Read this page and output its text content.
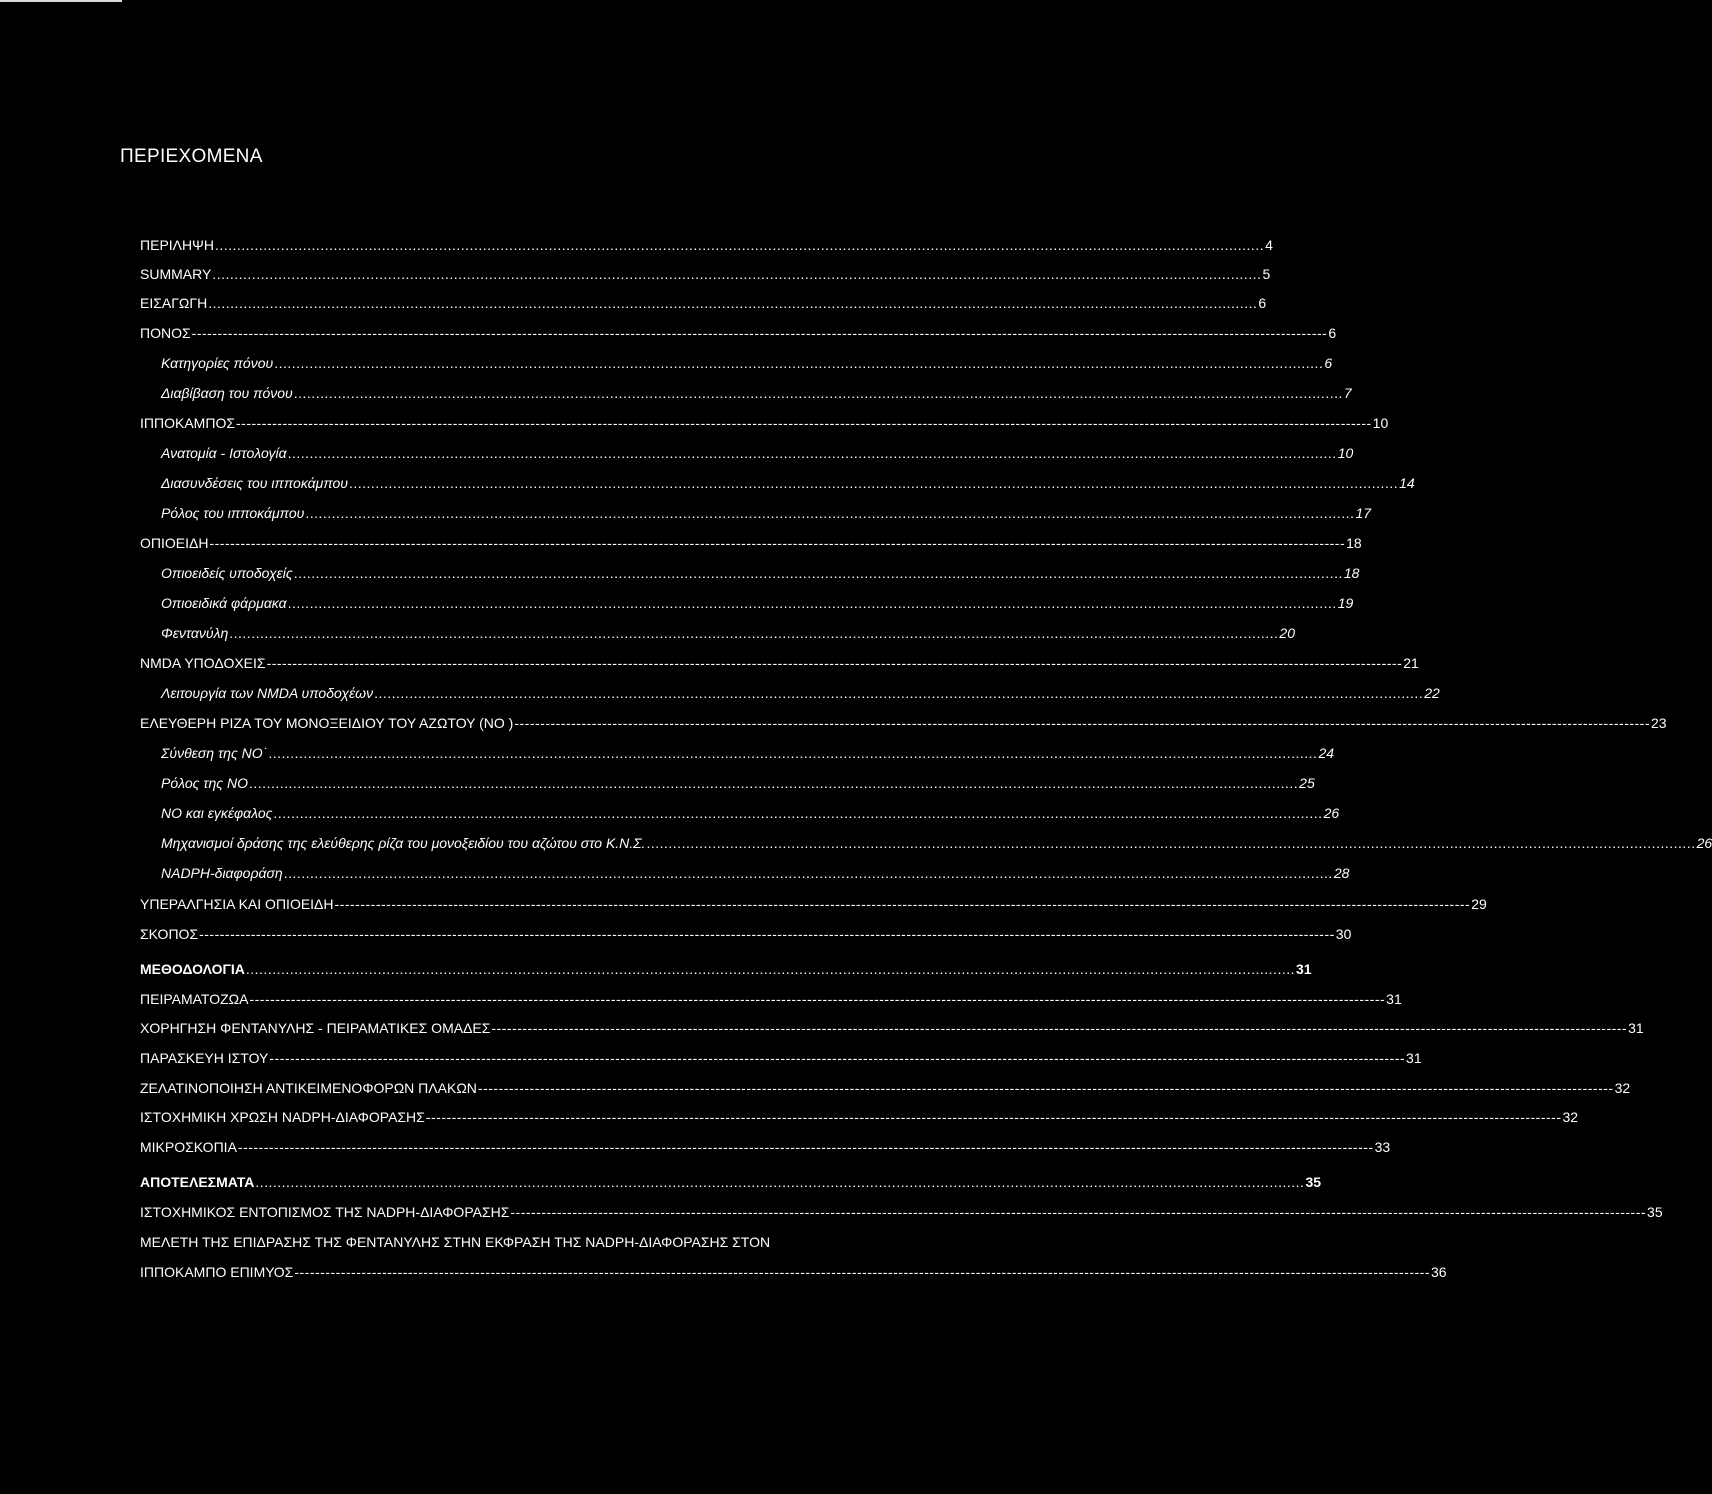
ΠΕΡΙΕΧΟΜΕΝΑ
ΠΕΡΙΛΗΨΗ ............................................................................................................................................................................................................................................... 4
SUMMARY ............................................................................................................................................................................................................................................... 5
ΕΙΣΑΓΩΓΗ ............................................................................................................................................................................................................................................... 6
ΠΟΝΟΣ ---------------------------------------------------------------------------------------------------------------------------------------------------------------------------------------------------------------------------- 6
Κατηγορίες πόνου ............................................................................................................................................................................................................................................... 6
Διαβίβαση του πόνου ............................................................................................................................................................................................................................................... 7
ΙΠΠΟΚΑΜΠΟΣ ---------------------------------------------------------------------------------------------------------------------------------------------------------------------------------------------------------------------------- 10
Ανατομία - Ιστολογία ............................................................................................................................................................................................................................................... 10
Διασυνδέσεις του ιπποκάμπου ............................................................................................................................................................................................................................................... 14
Ρόλος του ιπποκάμπου ............................................................................................................................................................................................................................................... 17
ΟΠΙΟΕΙΔΗ ---------------------------------------------------------------------------------------------------------------------------------------------------------------------------------------------------------------------------- 18
Οπιοειδείς υποδοχείς ............................................................................................................................................................................................................................................... 18
Οπιοειδικά φάρμακα ............................................................................................................................................................................................................................................... 19
Φεντανύλη ............................................................................................................................................................................................................................................... 20
NMDA ΥΠΟΔΟΧΕΙΣ ---------------------------------------------------------------------------------------------------------------------------------------------------------------------------------------------------------------------------- 21
Λειτουργία των NMDA υποδοχέων ............................................................................................................................................................................................................................................... 22
ΕΛΕΥΘΕΡΗ ΡΙΖΑ ΤΟΥ ΜΟΝΟΞΕΙΔΙΟΥ ΤΟΥ ΑΖΩΤΟΥ (NO ) ---------------------------------------------------------------------------------------------------------------------------------------------------------------------------------------------------------------------------- 23
Σύνθεση της ΝΟ˙ ............................................................................................................................................................................................................................................... 24
Ρόλος της NO ............................................................................................................................................................................................................................................... 25
NO και εγκέφαλος ............................................................................................................................................................................................................................................... 26
Μηχανισμοί δράσης της ελεύθερης ρίζα του μονοξειδίου του αζώτου στο Κ.Ν.Σ. ............................................................................................................................................................................................................................................... 26
NADPH-διαφοράση ............................................................................................................................................................................................................................................... 28
ΥΠΕΡΑΛΓΗΣΙΑ ΚΑΙ ΟΠΙΟΕΙΔΗ ---------------------------------------------------------------------------------------------------------------------------------------------------------------------------------------------------------------------------- 29
ΣΚΟΠΟΣ ---------------------------------------------------------------------------------------------------------------------------------------------------------------------------------------------------------------------------- 30
ΜΕΘΟΔΟΛΟΓΙΑ ............................................................................................................................................................................................................................................... 31
ΠΕΙΡΑΜΑΤΟΖΩΑ ---------------------------------------------------------------------------------------------------------------------------------------------------------------------------------------------------------------------------- 31
ΧΟΡΗΓΗΣΗ ΦΕΝΤΑΝΥΛΗΣ - ΠΕΙΡΑΜΑΤΙΚΕΣ ΟΜΑΔΕΣ ---------------------------------------------------------------------------------------------------------------------------------------------------------------------------------------------------------------------------- 31
ΠΑΡΑΣΚΕΥΗ ΙΣΤΟΥ ---------------------------------------------------------------------------------------------------------------------------------------------------------------------------------------------------------------------------- 31
ΖΕΛΑΤΙΝΟΠΟΙΗΣΗ ΑΝΤΙΚΕΙΜΕΝΟΦΟΡΩΝ ΠΛΑΚΩΝ ---------------------------------------------------------------------------------------------------------------------------------------------------------------------------------------------------------------------------- 32
ΙΣΤΟΧΗΜΙΚΗ ΧΡΩΣΗ NADPH-ΔΙΑΦΟΡΑΣΗΣ ---------------------------------------------------------------------------------------------------------------------------------------------------------------------------------------------------------------------------- 32
ΜΙΚΡΟΣΚΟΠΙΑ ---------------------------------------------------------------------------------------------------------------------------------------------------------------------------------------------------------------------------- 33
ΑΠΟΤΕΛΕΣΜΑΤΑ ............................................................................................................................................................................................................................................... 35
ΙΣΤΟΧΗΜΙΚΟΣ ΕΝΤΟΠΙΣΜΟΣ ΤΗΣ NADPH-ΔΙΑΦΟΡΑΣΗΣ ---------------------------------------------------------------------------------------------------------------------------------------------------------------------------------------------------------------------------- 35
ΜΕΛΕΤΗ ΤΗΣ ΕΠΙΔΡΑΣΗΣ ΤΗΣ ΦΕΝΤΑΝΥΛΗΣ ΣΤΗΝ ΕΚΦΡΑΣΗ ΤΗΣ NADPH-ΔΙΑΦΟΡΑΣΗΣ ΣΤΟΝ
ΙΠΠΟΚΑΜΠΟ ΕΠΙΜΥΟΣ ---------------------------------------------------------------------------------------------------------------------------------------------------------------------------------------------------------------------------- 36
